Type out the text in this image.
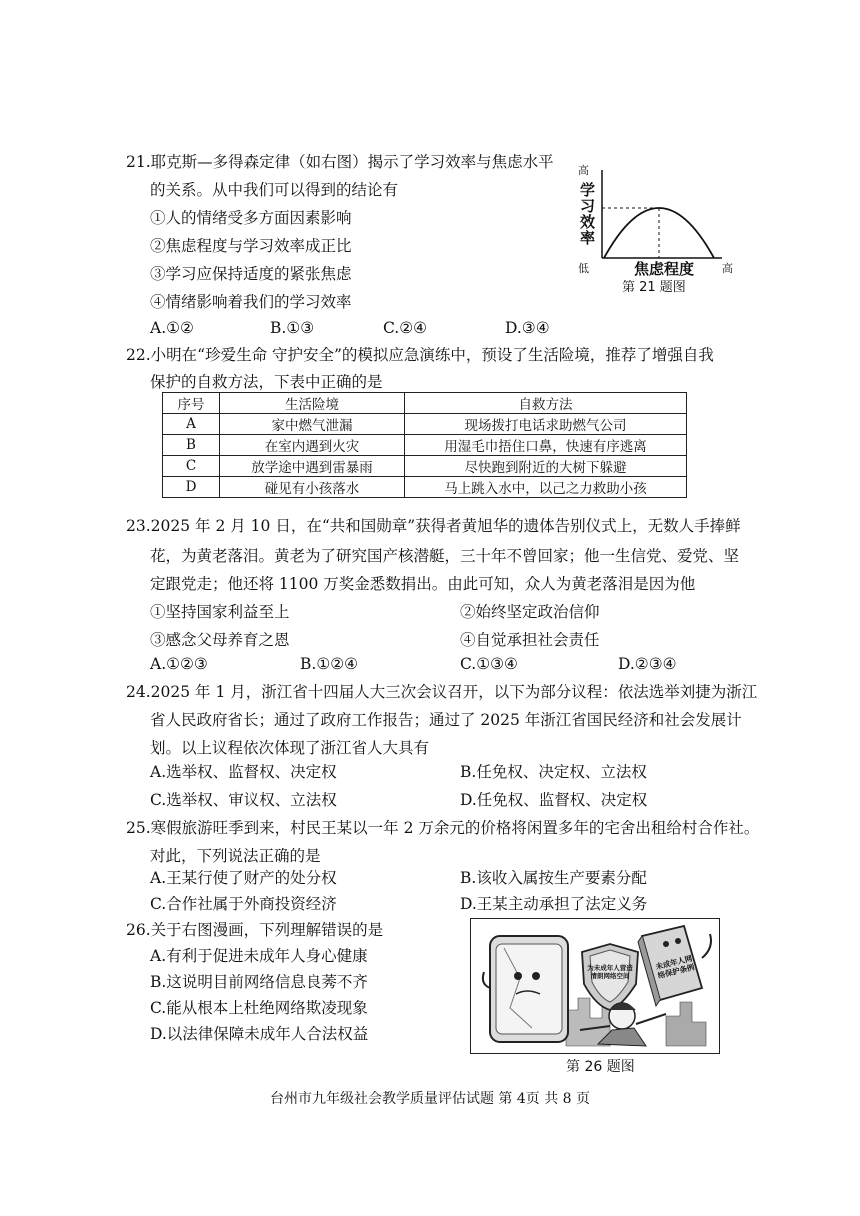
21.耶克斯—多得森定律（如右图）揭示了学习效率与焦虑水平
的关系。从中我们可以得到的结论有
①人的情绪受多方面因素影响
②焦虑程度与学习效率成正比
③学习应保持适度的紧张焦虑
④情绪影响着我们的学习效率
A.①②	B.①③	C.②④	D.③④
高
学习效率
低	焦虑程度	高
第 21 题图
22.小明在“珍爱生命 守护安全”的模拟应急演练中，预设了生活险境，推荐了增强自我
保护的自救方法，下表中正确的是
序号	生活险境	自救方法
A	家中燃气泄漏	现场拨打电话求助燃气公司
B	在室内遇到火灾	用湿毛巾捂住口鼻，快速有序逃离
C	放学途中遇到雷暴雨	尽快跑到附近的大树下躲避
D	碰见有小孩落水	马上跳入水中，以己之力救助小孩
23.2025 年 2 月 10 日，在“共和国勋章”获得者黄旭华的遗体告别仪式上，无数人手捧鲜
花，为黄老落泪。黄老为了研究国产核潜艇，三十年不曾回家；他一生信党、爱党、坚
定跟党走；他还将 1100 万奖金悉数捐出。由此可知，众人为黄老落泪是因为他
①坚持国家利益至上	②始终坚定政治信仰
③感念父母养育之恩	④自觉承担社会责任
A.①②③	B.①②④	C.①③④	D.②③④
24.2025 年 1 月，浙江省十四届人大三次会议召开，以下为部分议程：依法选举刘捷为浙江
省人民政府省长；通过了政府工作报告；通过了 2025 年浙江省国民经济和社会发展计
划。以上议程依次体现了浙江省人大具有
A.选举权、监督权、决定权	B.任免权、决定权、立法权
C.选举权、审议权、立法权	D.任免权、监督权、决定权
25.寒假旅游旺季到来，村民王某以一年 2 万余元的价格将闲置多年的宅舍出租给村合作社。
对此，下列说法正确的是
A.王某行使了财产的处分权	B.该收入属按生产要素分配
C.合作社属于外商投资经济	D.王某主动承担了法定义务
26.关于右图漫画，下列理解错误的是
A.有利于促进未成年人身心健康
B.这说明目前网络信息良莠不齐
C.能从根本上杜绝网络欺凌现象
D.以法律保障未成年人合法权益
为未成年人营造清朗网络空间
未成年人网络保护条例
第 26 题图
台州市九年级社会教学质量评估试题 第 4页 共 8 页
